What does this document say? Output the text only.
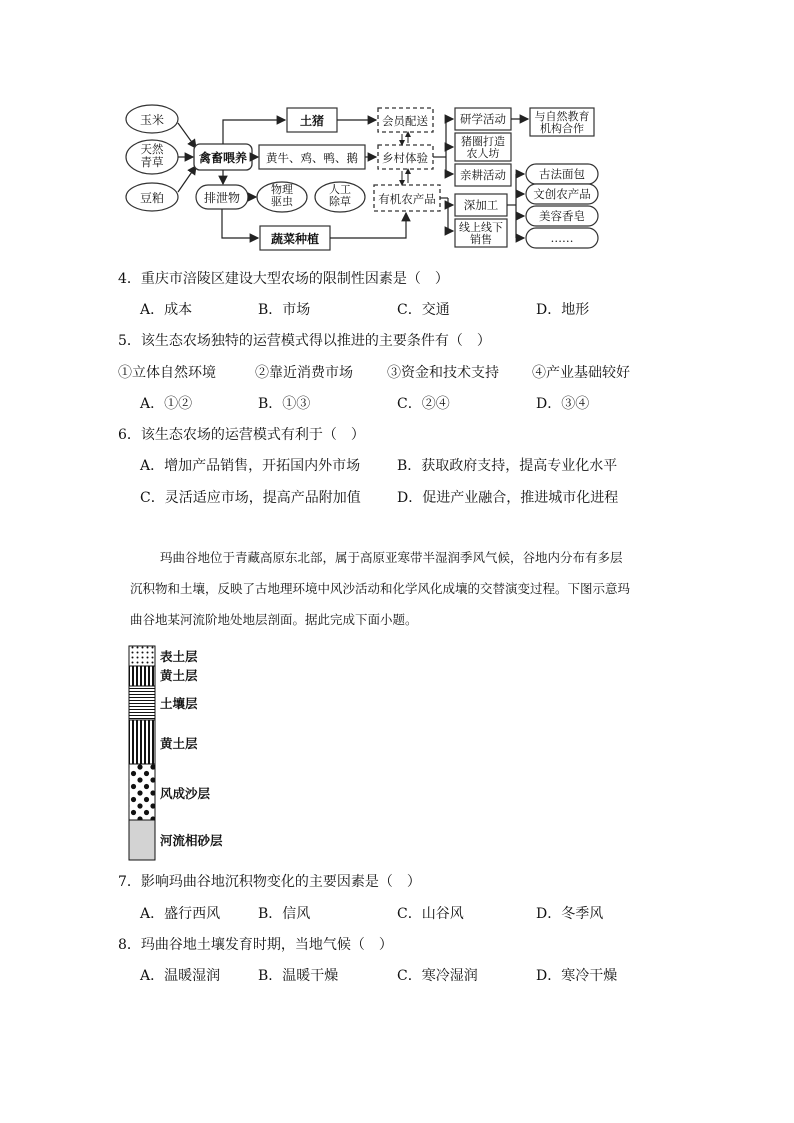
玉米
天然青草
豆粕
禽畜喂养
土猪
黄牛、鸡、鸭、鹅
排泄物
物理驱虫
人工除草
蔬菜种植
会员配送
乡村体验
有机农产品
研学活动
猪圈打造农人坊
亲耕活动
与自然教育机构合作
深加工
线上线下销售
古法面包
文创农产品
美容香皂
……
4．重庆市涪陵区建设大型农场的限制性因素是（　）
A．成本	B．市场	C．交通	D．地形
5．该生态农场独特的运营模式得以推进的主要条件有（　）
①立体自然环境	②靠近消费市场 ③资金和技术支持 ④产业基础较好
A．①②	B．①③	C．②④	D．③④
6．该生态农场的运营模式有利于（　）
A．增加产品销售，开拓国内外市场	B．获取政府支持，提高专业化水平
C．灵活适应市场，提高产品附加值	D．促进产业融合，推进城市化进程
玛曲谷地位于青藏高原东北部，属于高原亚寒带半湿润季风气候，谷地内分布有多层
沉积物和土壤，反映了古地理环境中风沙活动和化学风化成壤的交替演变过程。下图示意玛
曲谷地某河流阶地处地层剖面。据此完成下面小题。
表土层
黄土层
土壤层
黄土层
风成沙层
河流相砂层
7．影响玛曲谷地沉积物变化的主要因素是（　）
A．盛行西风	B．信风	C．山谷风	D．冬季风
8．玛曲谷地土壤发育时期，当地气候（　）
A．温暖湿润	B．温暖干燥	C．寒冷湿润	D．寒冷干燥
